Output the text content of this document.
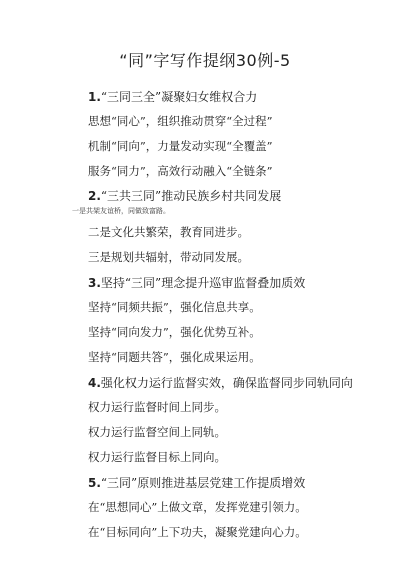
“同”字写作提纲30例-5
1.“三同三全”凝聚妇女维权合力
思想“同心”，组织推动贯穿“全过程”
机制“同向”，力量发动实现“全覆盖”
服务“同力”，高效行动融入“全链条”
2.“三共三同”推动民族乡村共同发展
一是共架友谊桥，同做致富路。
二是文化共繁荣，教育同进步。
三是规划共辐射，带动同发展。
3.坚持“三同”理念提升巡审监督叠加质效
坚持“同频共振”，强化信息共享。
坚持“同向发力”，强化优势互补。
坚持“同题共答”，强化成果运用。
4.强化权力运行监督实效，确保监督同步同轨同向
权力运行监督时间上同步。
权力运行监督空间上同轨。
权力运行监督目标上同向。
5.“三同”原则推进基层党建工作提质增效
在“思想同心”上做文章，发挥党建引领力。
在“目标同向”上下功夫，凝聚党建向心力。
